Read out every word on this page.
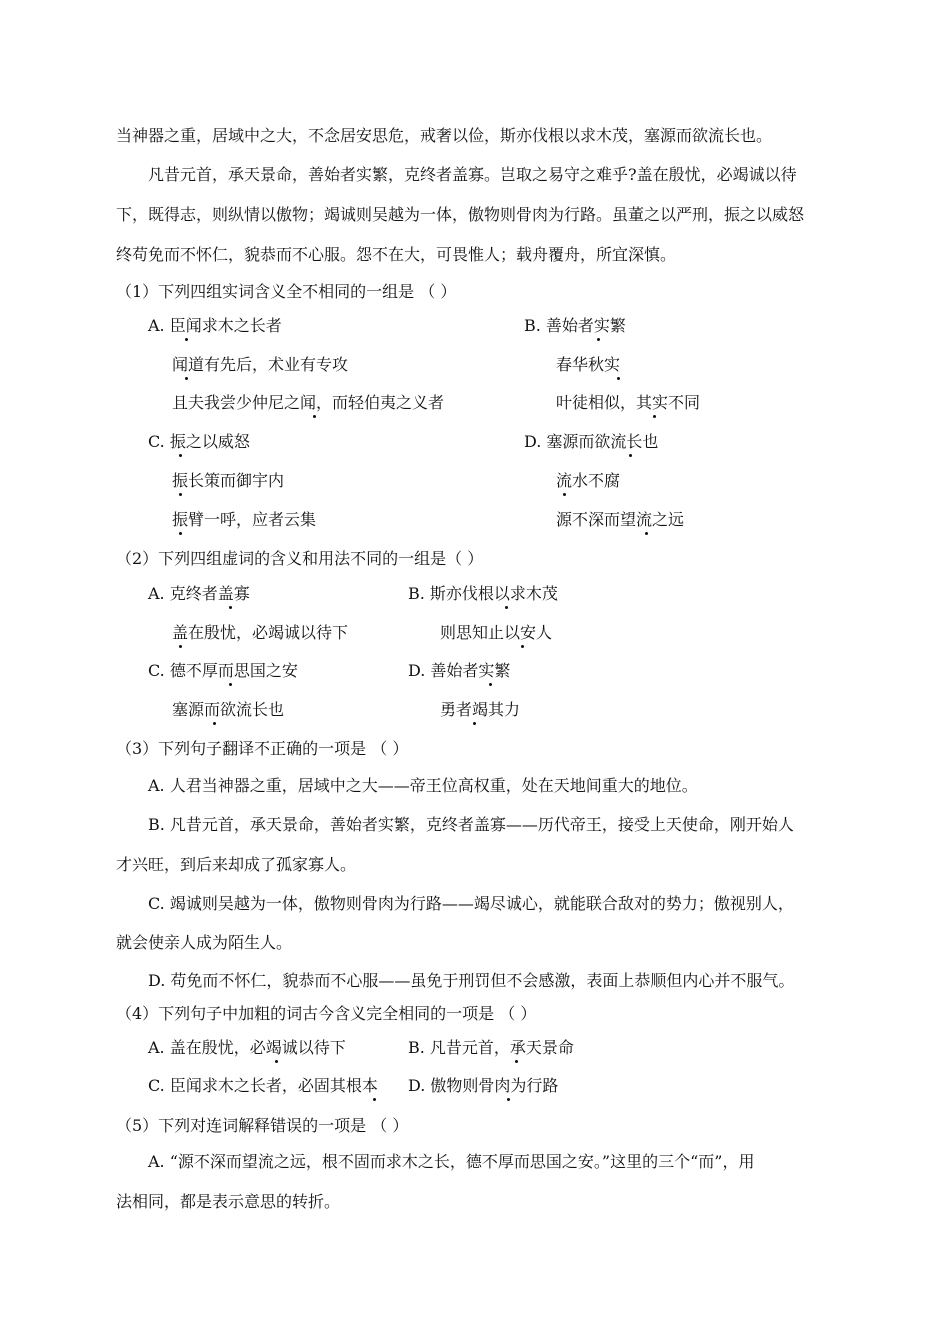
当神器之重，居域中之大，不念居安思危，戒奢以俭，斯亦伐根以求木茂，塞源而欲流长也。
凡昔元首，承天景命，善始者实繁，克终者盖寡。岂取之易守之难乎?盖在殷忧，必竭诚以待
下，既得志，则纵情以傲物；竭诚则吴越为一体，傲物则骨肉为行路。虽董之以严刑，振之以威怒
终苟免而不怀仁，貌恭而不心服。怨不在大，可畏惟人；载舟覆舟，所宜深慎。
（1）下列四组实词含义全不相同的一组是 （ ）
A. 臣闻求木之长者
闻道有先后，术业有专攻
且夫我尝少仲尼之闻，而轻伯夷之义者
B. 善始者实繁
春华秋实
叶徒相似，其实不同
C. 振之以威怒
振长策而御宇内
振臂一呼，应者云集
D. 塞源而欲流长也
流水不腐
源不深而望流之远
（2）下列四组虚词的含义和用法不同的一组是（ ）
A. 克终者盖寡
盖在殷忧，必竭诚以待下
B. 斯亦伐根以求木茂
则思知止以安人
C. 德不厚而思国之安
塞源而欲流长也
D. 善始者实繁
勇者竭其力
（3）下列句子翻译不正确的一项是 （ ）
A. 人君当神器之重，居域中之大——帝王位高权重，处在天地间重大的地位。
B. 凡昔元首，承天景命，善始者实繁，克终者盖寡——历代帝王，接受上天使命，刚开始人
才兴旺，到后来却成了孤家寡人。
C. 竭诚则吴越为一体，傲物则骨肉为行路——竭尽诚心，就能联合敌对的势力；傲视别人，
就会使亲人成为陌生人。
D. 苟免而不怀仁，貌恭而不心服——虽免于刑罚但不会感激，表面上恭顺但内心并不服气。
（4）下列句子中加粗的词古今含义完全相同的一项是 （ ）
A. 盖在殷忧，必竭诚以待下	B. 凡昔元首，承天景命
C. 臣闻求木之长者，必固其根本 D. 傲物则骨肉为行路
（5）下列对连词解释错误的一项是 （ ）
A. “源不深而望流之远，根不固而求木之长，德不厚而思国之安。”这里的三个“而”，用
法相同，都是表示意思的转折。
